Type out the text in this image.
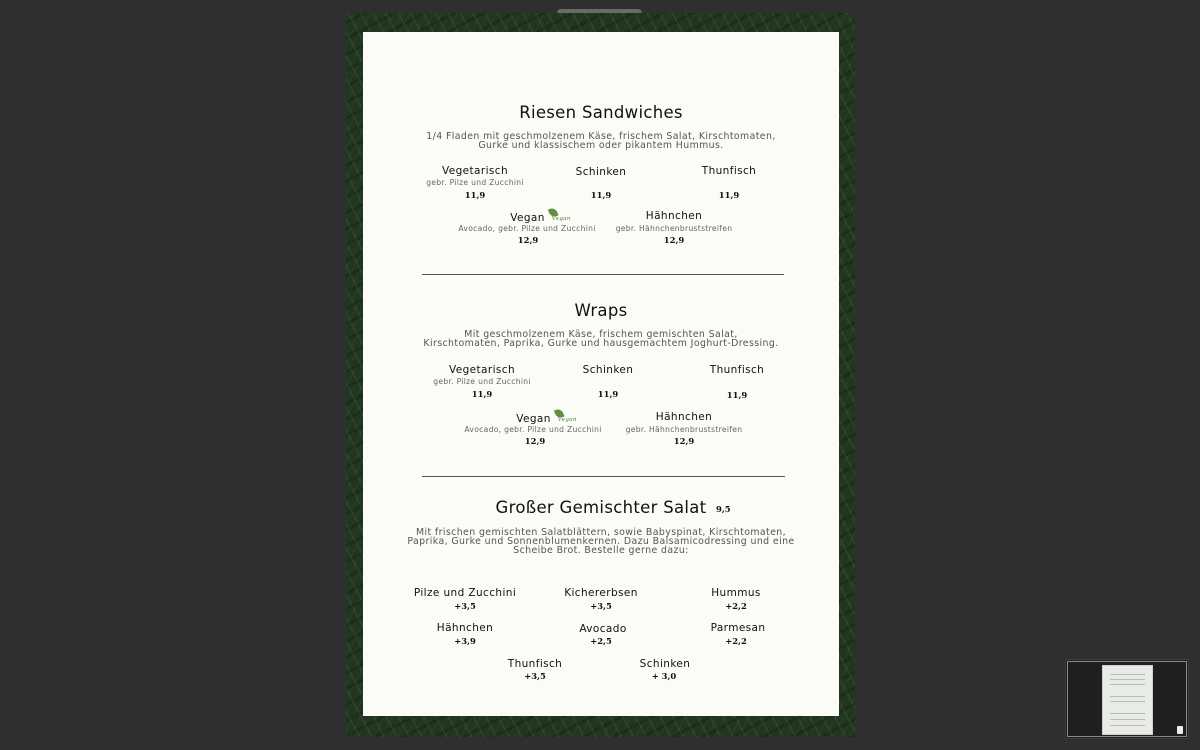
Riesen Sandwiches
1/4 Fladen mit geschmolzenem Käse, frischem Salat, Kirschtomaten,
Gurke und klassischem oder pikantem Hummus.
Vegetarisch
gebr. Pilze und Zucchini
11,9
Schinken
11,9
Thunfisch
11,9
Vegan Vegan
Avocado, gebr. Pilze und Zucchini
12,9
Hähnchen
gebr. Hähnchenbruststreifen
12,9
Wraps
Mit geschmolzenem Käse, frischem gemischten Salat,
Kirschtomaten, Paprika, Gurke und hausgemachtem Joghurt-Dressing.
Vegetarisch
gebr. Pilze und Zucchini
11,9
Schinken
11,9
Thunfisch
11,9
Vegan Vegan
Avocado, gebr. Pilze und Zucchini
12,9
Hähnchen
gebr. Hähnchenbruststreifen
12,9
Großer Gemischter Salat 9,5
Mit frischen gemischten Salatblättern, sowie Babyspinat, Kirschtomaten,
Paprika, Gurke und Sonnenblumenkernen. Dazu Balsamicodressing und eine
Scheibe Brot. Bestelle gerne dazu:
Pilze und Zucchini
+3,5
Kichererbsen
+3,5
Hummus
+2,2
Hähnchen
+3,9
Avocado
+2,5
Parmesan
+2,2
Thunfisch
+3,5
Schinken
+ 3,0
